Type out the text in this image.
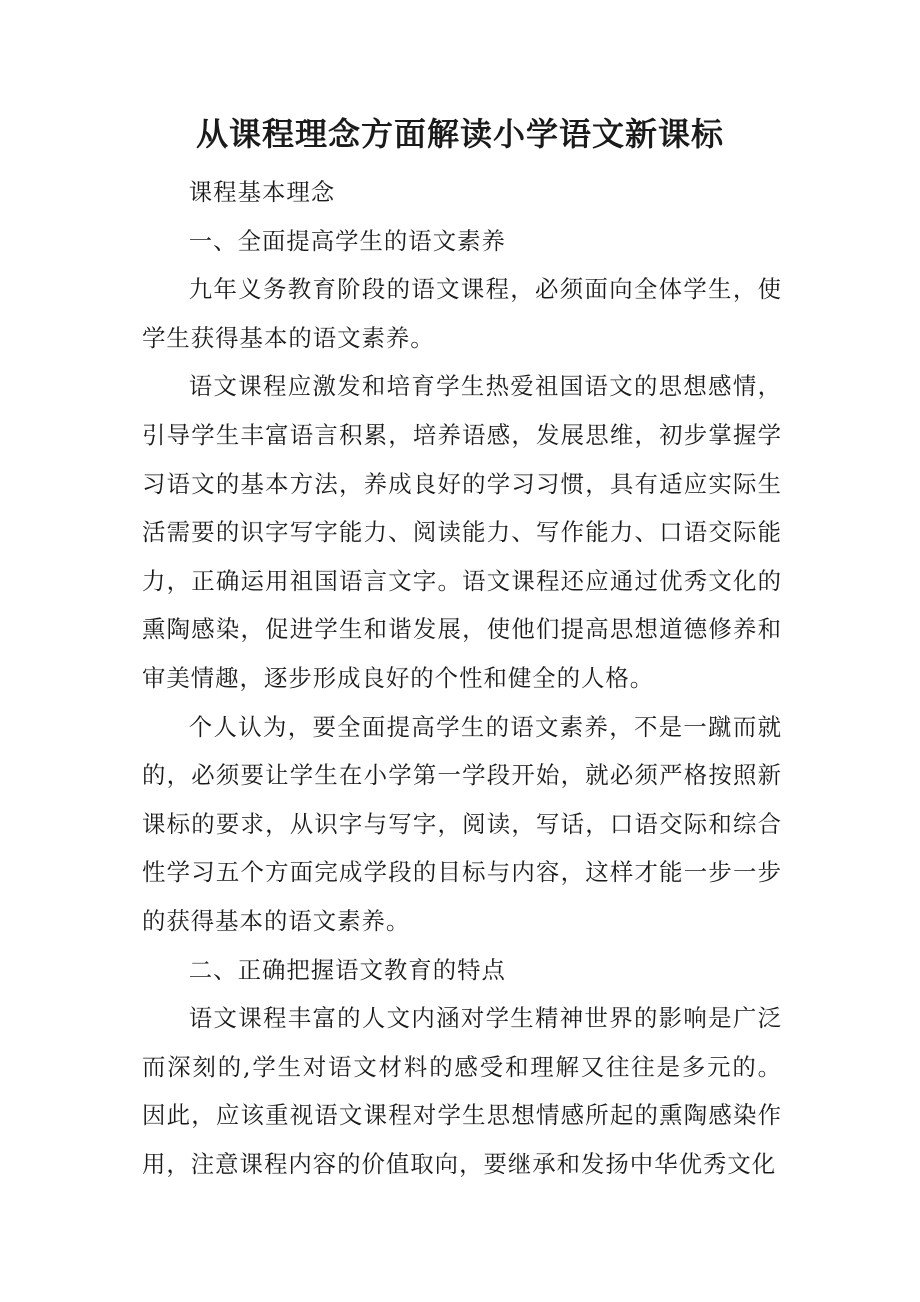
从课程理念方面解读小学语文新课标

课程基本理念

一、全面提高学生的语文素养

九年义务教育阶段的语文课程，必须面向全体学生，使学生获得基本的语文素养。

语文课程应激发和培育学生热爱祖国语文的思想感情，引导学生丰富语言积累，培养语感，发展思维，初步掌握学习语文的基本方法，养成良好的学习习惯，具有适应实际生活需要的识字写字能力、阅读能力、写作能力、口语交际能力，正确运用祖国语言文字。语文课程还应通过优秀文化的熏陶感染，促进学生和谐发展，使他们提高思想道德修养和审美情趣，逐步形成良好的个性和健全的人格。

个人认为，要全面提高学生的语文素养，不是一蹴而就的，必须要让学生在小学第一学段开始，就必须严格按照新课标的要求，从识字与写字，阅读，写话，口语交际和综合性学习五个方面完成学段的目标与内容，这样才能一步一步的获得基本的语文素养。

二、正确把握语文教育的特点

语文课程丰富的人文内涵对学生精神世界的影响是广泛而深刻的,学生对语文材料的感受和理解又往往是多元的。因此，应该重视语文课程对学生思想情感所起的熏陶感染作用，注意课程内容的价值取向，要继承和发扬中华优秀文化
